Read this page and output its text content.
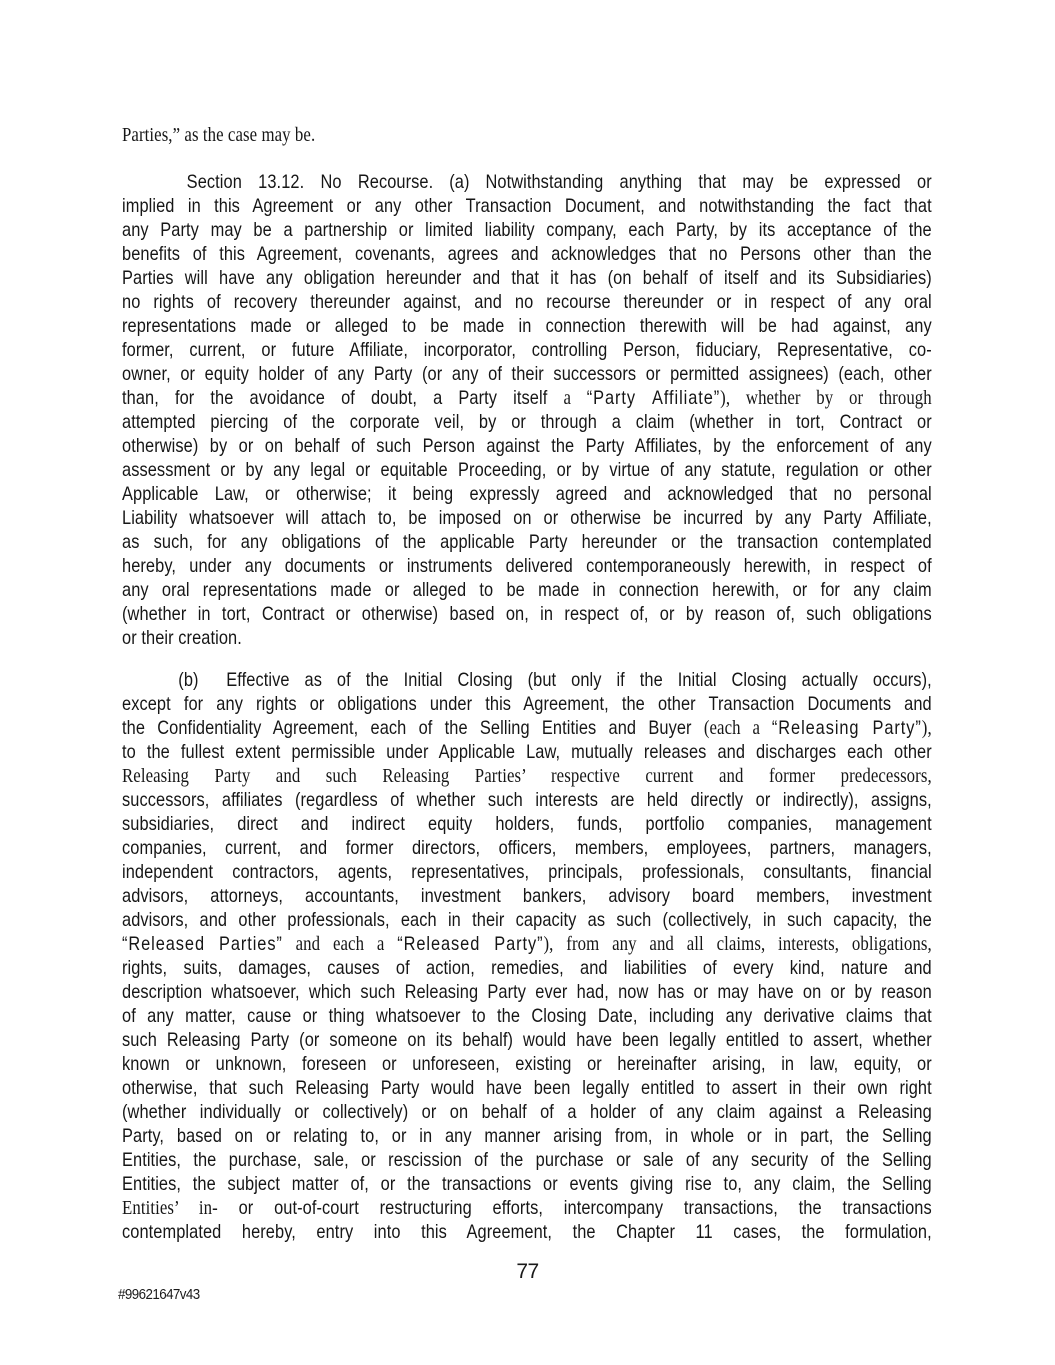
Parties,” as the case may be.
Section 13.12. No Recourse. (a) Notwithstanding anything that may be expressed or
implied in this Agreement or any other Transaction Document, and notwithstanding the fact that
any Party may be a partnership or limited liability company, each Party, by its acceptance of the
benefits of this Agreement, covenants, agrees and acknowledges that no Persons other than the
Parties will have any obligation hereunder and that it has (on behalf of itself and its Subsidiaries)
no rights of recovery thereunder against, and no recourse thereunder or in respect of any oral
representations made or alleged to be made in connection therewith will be had against, any
former, current, or future Affiliate, incorporator, controlling Person, fiduciary, Representative, co-
owner, or equity holder of any Party (or any of their successors or permitted assignees) (each, other
than, for the avoidance of doubt, a Party itself a “Party Affiliate”), whether by or through
attempted piercing of the corporate veil, by or through a claim (whether in tort, Contract or
otherwise) by or on behalf of such Person against the Party Affiliates, by the enforcement of any
assessment or by any legal or equitable Proceeding, or by virtue of any statute, regulation or other
Applicable Law, or otherwise; it being expressly agreed and acknowledged that no personal
Liability whatsoever will attach to, be imposed on or otherwise be incurred by any Party Affiliate,
as such, for any obligations of the applicable Party hereunder or the transaction contemplated
hereby, under any documents or instruments delivered contemporaneously herewith, in respect of
any oral representations made or alleged to be made in connection herewith, or for any claim
(whether in tort, Contract or otherwise) based on, in respect of, or by reason of, such obligations
or their creation.
(b) Effective as of the Initial Closing (but only if the Initial Closing actually occurs),
except for any rights or obligations under this Agreement, the other Transaction Documents and
the Confidentiality Agreement, each of the Selling Entities and Buyer (each a “Releasing Party”),
to the fullest extent permissible under Applicable Law, mutually releases and discharges each other
Releasing Party and such Releasing Parties’ respective current and former predecessors,
successors, affiliates (regardless of whether such interests are held directly or indirectly), assigns,
subsidiaries, direct and indirect equity holders, funds, portfolio companies, management
companies, current, and former directors, officers, members, employees, partners, managers,
independent contractors, agents, representatives, principals, professionals, consultants, financial
advisors, attorneys, accountants, investment bankers, advisory board members, investment
advisors, and other professionals, each in their capacity as such (collectively, in such capacity, the
“Released Parties” and each a “Released Party”), from any and all claims, interests, obligations,
rights, suits, damages, causes of action, remedies, and liabilities of every kind, nature and
description whatsoever, which such Releasing Party ever had, now has or may have on or by reason
of any matter, cause or thing whatsoever to the Closing Date, including any derivative claims that
such Releasing Party (or someone on its behalf) would have been legally entitled to assert, whether
known or unknown, foreseen or unforeseen, existing or hereinafter arising, in law, equity, or
otherwise, that such Releasing Party would have been legally entitled to assert in their own right
(whether individually or collectively) or on behalf of a holder of any claim against a Releasing
Party, based on or relating to, or in any manner arising from, in whole or in part, the Selling
Entities, the purchase, sale, or rescission of the purchase or sale of any security of the Selling
Entities, the subject matter of, or the transactions or events giving rise to, any claim, the Selling
Entities’ in- or out-of-court restructuring efforts, intercompany transactions, the transactions
contemplated hereby, entry into this Agreement, the Chapter 11 cases, the formulation,
77
#99621647v43
